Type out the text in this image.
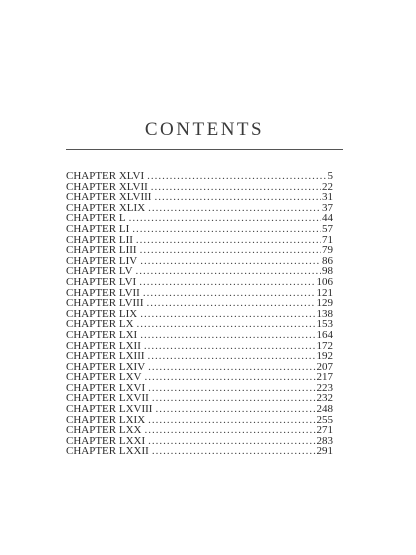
CONTENTS
CHAPTER XLVI .....	5
CHAPTER XLVII .....	22
CHAPTER XLVIII .....	31
CHAPTER XLIX .....	37
CHAPTER L .....	44
CHAPTER LI .....	57
CHAPTER LII .....	71
CHAPTER LIII .....	79
CHAPTER LIV .....	86
CHAPTER LV .....	98
CHAPTER LVI .....	106
CHAPTER LVII .....	121
CHAPTER LVIII .....	129
CHAPTER LIX .....	138
CHAPTER LX .....	153
CHAPTER LXI .....	164
CHAPTER LXII .....	172
CHAPTER LXIII .....	192
CHAPTER LXIV .....	207
CHAPTER LXV .....	217
CHAPTER LXVI .....	223
CHAPTER LXVII .....	232
CHAPTER LXVIII .....	248
CHAPTER LXIX .....	255
CHAPTER LXX .....	271
CHAPTER LXXI .....	283
CHAPTER LXXII .....	291
